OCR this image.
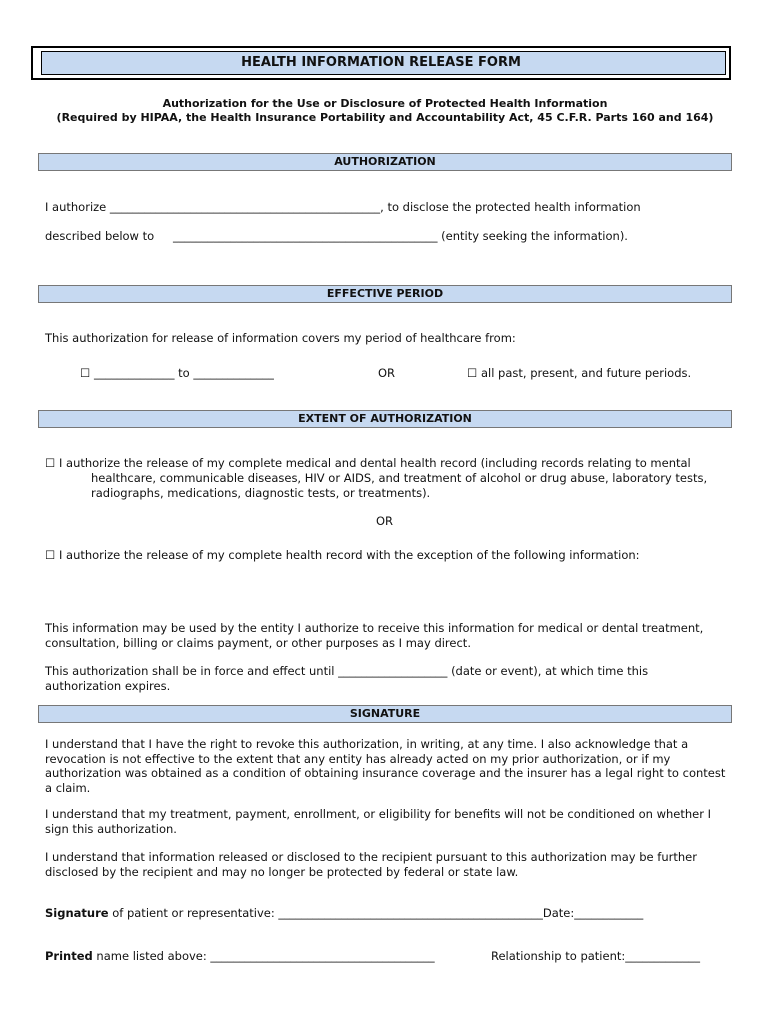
HEALTH INFORMATION RELEASE FORM
Authorization for the Use or Disclosure of Protected Health Information
(Required by HIPAA, the Health Insurance Portability and Accountability Act, 45 C.F.R. Parts 160 and 164)
AUTHORIZATION
I authorize _______________________________________________, to disclose the protected health information
described below to ______________________________________________ (entity seeking the information).
EFFECTIVE PERIOD
This authorization for release of information covers my period of healthcare from:
☐ ______________ to ______________	OR	☐ all past, present, and future periods.
EXTENT OF AUTHORIZATION
☐ I authorize the release of my complete medical and dental health record (including records relating to mental
healthcare, communicable diseases, HIV or AIDS, and treatment of alcohol or drug abuse, laboratory tests,
radiographs, medications, diagnostic tests, or treatments).
OR
☐ I authorize the release of my complete health record with the exception of the following information:
This information may be used by the entity I authorize to receive this information for medical or dental treatment, consultation, billing or claims payment, or other purposes as I may direct.
This authorization shall be in force and effect until ___________________ (date or event), at which time this
authorization expires.
SIGNATURE
I understand that I have the right to revoke this authorization, in writing, at any time. I also acknowledge that a revocation is not effective to the extent that any entity has already acted on my prior authorization, or if my authorization was obtained as a condition of obtaining insurance coverage and the insurer has a legal right to contest a claim.
I understand that my treatment, payment, enrollment, or eligibility for benefits will not be conditioned on whether I sign this authorization.
I understand that information released or disclosed to the recipient pursuant to this authorization may be further disclosed by the recipient and may no longer be protected by federal or state law.
Signature of patient or representative: ______________________________________________Date:____________
Printed name listed above: _______________________________________	Relationship to patient:_____________
